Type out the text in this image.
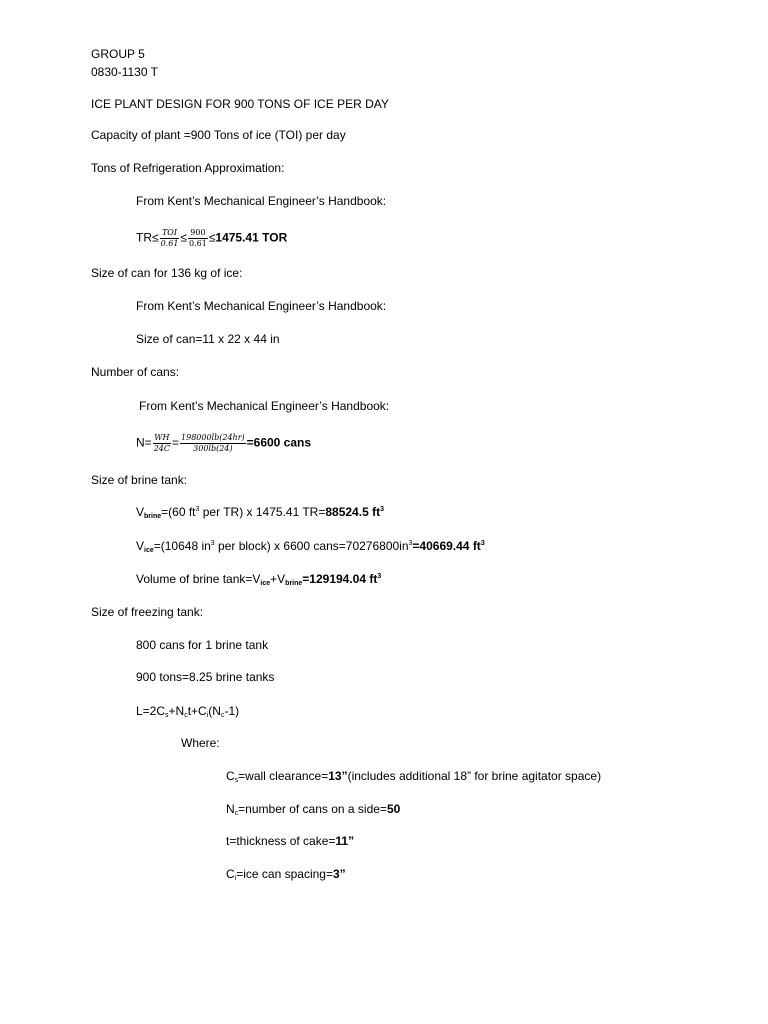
GROUP 5
0830-1130 T
ICE PLANT DESIGN FOR 900 TONS OF ICE PER DAY
Capacity of plant =900 Tons of ice (TOI) per day
Tons of Refrigeration Approximation:
From Kent’s Mechanical Engineer’s Handbook:
$TR\le \frac{\text{TOI}}{0.61} \le \frac{900}{0.61} \le 1475.41$ TOR
Size of can for 136 kg of ice:
From Kent’s Mechanical Engineer’s Handbook:
Size of can=11 x 22 x 44 in
Number of cans:
From Kent’s Mechanical Engineer’s Handbook:
$N= \frac{WH}{24C} = \frac{198000lb(24hr)}{300lb(24)} =6600$ cans
Size of brine tank:
$V_{brine}=(60$ $ft^3$ per TR) x 1475.41 TR=88524.5 $ft^3$
$V_{ice}=(10648$ $in^3$ per block) x 6600 $cans=70276800in^3=40669.44$ $ft^3$
Volume of brine $\tan k=V_{ice}+V_{brine}=129194.04$ $ft^3$
Size of freezing tank:
800 cans for 1 brine tank
900 tons=8.25 brine tanks
$L=2C_s+N_ct+C_i(N_c-1)$
Where:
$C_s=wall$ clearance=13”(includes additional 18” for brine agitator space)
$N_c=number$ of cans on a side=50
t=thickness of cake=11”
$C_i=ice$ can spacing=3”
